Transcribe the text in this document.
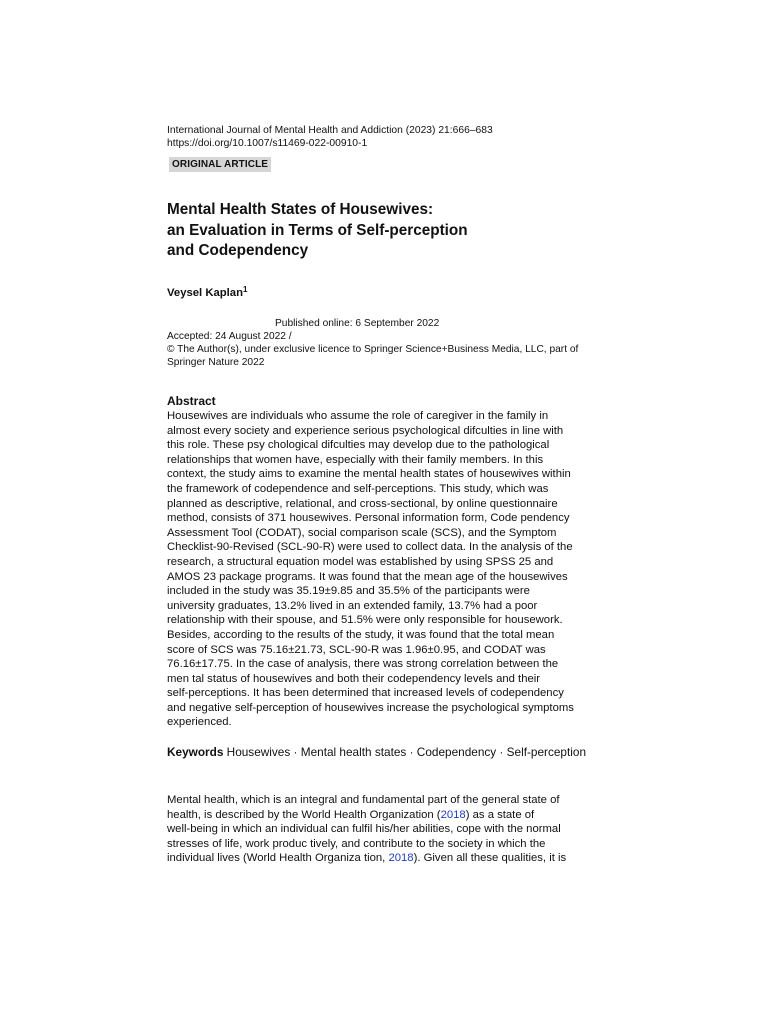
International Journal of Mental Health and Addiction (2023) 21:666–683
https://doi.org/10.1007/s11469-022-00910-1
ORIGINAL ARTICLE
Mental Health States of Housewives:
an Evaluation in Terms of Self‑perception
and Codependency
Veysel Kaplan$^1$
Published online: 6 September 2022
Accepted: 24 August 2022 /
© The Author(s), under exclusive licence to Springer Science+Business Media, LLC, part of
Springer Nature 2022
Abstract
Housewives are individuals who assume the role of caregiver in the family in
almost every society and experience serious psychological difculties in line with
this role. These psy chological difculties may develop due to the pathological
relationships that women have, especially with their family members. In this
context, the study aims to examine the mental health states of housewives within
the framework of codependence and self-perceptions. This study, which was
planned as descriptive, relational, and cross-sectional, by online questionnaire
method, consists of 371 housewives. Personal information form, Code pendency
Assessment Tool (CODAT), social comparison scale (SCS), and the Symptom
Checklist-90-Revised (SCL-90-R) were used to collect data. In the analysis of the
research, a structural equation model was established by using SPSS 25 and
AMOS 23 package programs. It was found that the mean age of the housewives
included in the study was 35.19±9.85 and 35.5% of the participants were
university graduates, 13.2% lived in an extended family, 13.7% had a poor
relationship with their spouse, and 51.5% were only responsible for housework.
Besides, according to the results of the study, it was found that the total mean
score of SCS was 75.16±21.73, SCL-90-R was 1.96±0.95, and CODAT was
76.16±17.75. In the case of analysis, there was strong correlation between the
men tal status of housewives and both their codependency levels and their
self-perceptions. It has been determined that increased levels of codependency
and negative self-perception of housewives increase the psychological symptoms
experienced.
Keywords Housewives · Mental health states · Codependency · Self-perception
Mental health, which is an integral and fundamental part of the general state of
health, is described by the World Health Organization (2018) as a state of
well-being in which an individual can fulfil his/her abilities, cope with the normal
stresses of life, work produc tively, and contribute to the society in which the
individual lives (World Health Organiza tion, 2018). Given all these qualities, it is
